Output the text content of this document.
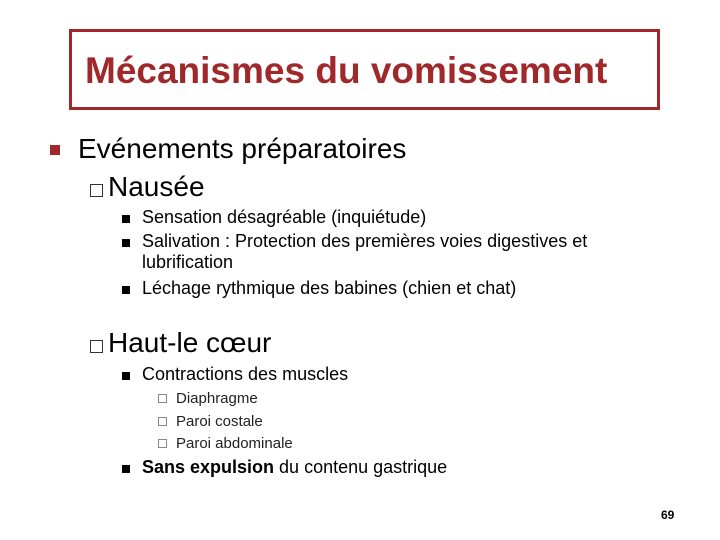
Mécanismes du vomissement
Evénements préparatoires
Nausée
Sensation désagréable (inquiétude)
Salivation : Protection des premières voies digestives et
lubrification
Léchage rythmique des babines (chien et chat)
Haut-le cœur
Contractions des muscles
Diaphragme
Paroi costale
Paroi abdominale
Sans expulsion du contenu gastrique
69
